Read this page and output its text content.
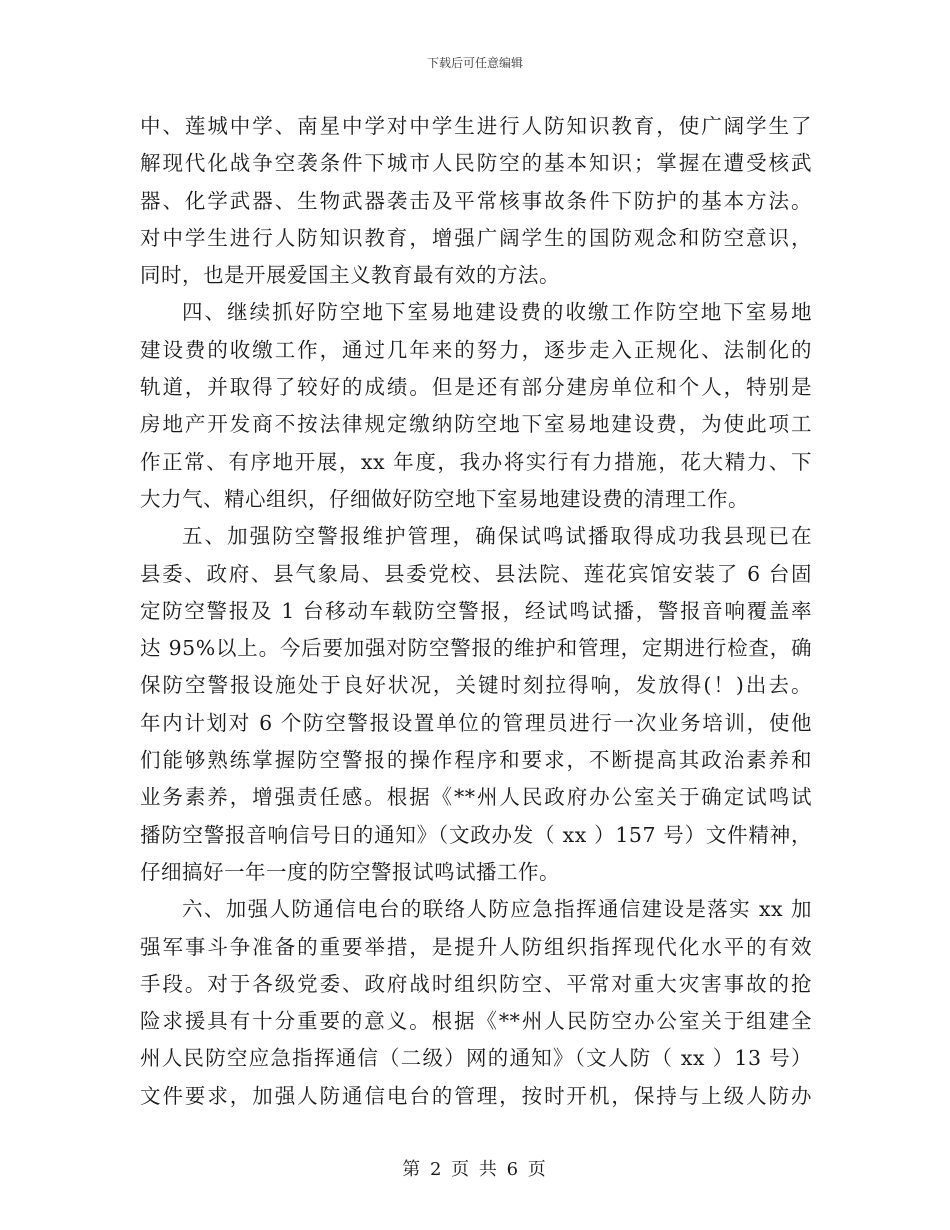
下载后可任意编辑
中、莲城中学、南星中学对中学生进行人防知识教育，使广阔学生了
解现代化战争空袭条件下城市人民防空的基本知识；掌握在遭受核武
器、化学武器、生物武器袭击及平常核事故条件下防护的基本方法。
对中学生进行人防知识教育，增强广阔学生的国防观念和防空意识，
同时，也是开展爱国主义教育最有效的方法。
四、继续抓好防空地下室易地建设费的收缴工作防空地下室易地
建设费的收缴工作，通过几年来的努力，逐步走入正规化、法制化的
轨道，并取得了较好的成绩。但是还有部分建房单位和个人，特别是
房地产开发商不按法律规定缴纳防空地下室易地建设费，为使此项工
作正常、有序地开展，xx 年度，我办将实行有力措施，花大精力、下
大力气、精心组织，仔细做好防空地下室易地建设费的清理工作。
五、加强防空警报维护管理，确保试鸣试播取得成功我县现已在
县委、政府、县气象局、县委党校、县法院、莲花宾馆安装了 6 台固
定防空警报及 1 台移动车载防空警报，经试鸣试播，警报音响覆盖率
达 95%以上。今后要加强对防空警报的维护和管理，定期进行检查，确
保防空警报设施处于良好状况，关键时刻拉得响，发放得(！)出去。
年内计划对 6 个防空警报设置单位的管理员进行一次业务培训，使他
们能够熟练掌握防空警报的操作程序和要求，不断提高其政治素养和
业务素养，增强责任感。根据《**州人民政府办公室关于确定试鸣试
播防空警报音响信号日的通知》（文政办发（ xx ）157 号）文件精神，
仔细搞好一年一度的防空警报试鸣试播工作。
六、加强人防通信电台的联络人防应急指挥通信建设是落实 xx 加
强军事斗争准备的重要举措，是提升人防组织指挥现代化水平的有效
手段。对于各级党委、政府战时组织防空、平常对重大灾害事故的抢
险求援具有十分重要的意义。根据《**州人民防空办公室关于组建全
州人民防空应急指挥通信（二级）网的通知》（文人防（ xx ）13 号）
文件要求，加强人防通信电台的管理，按时开机，保持与上级人防办
第 2 页 共 6 页
